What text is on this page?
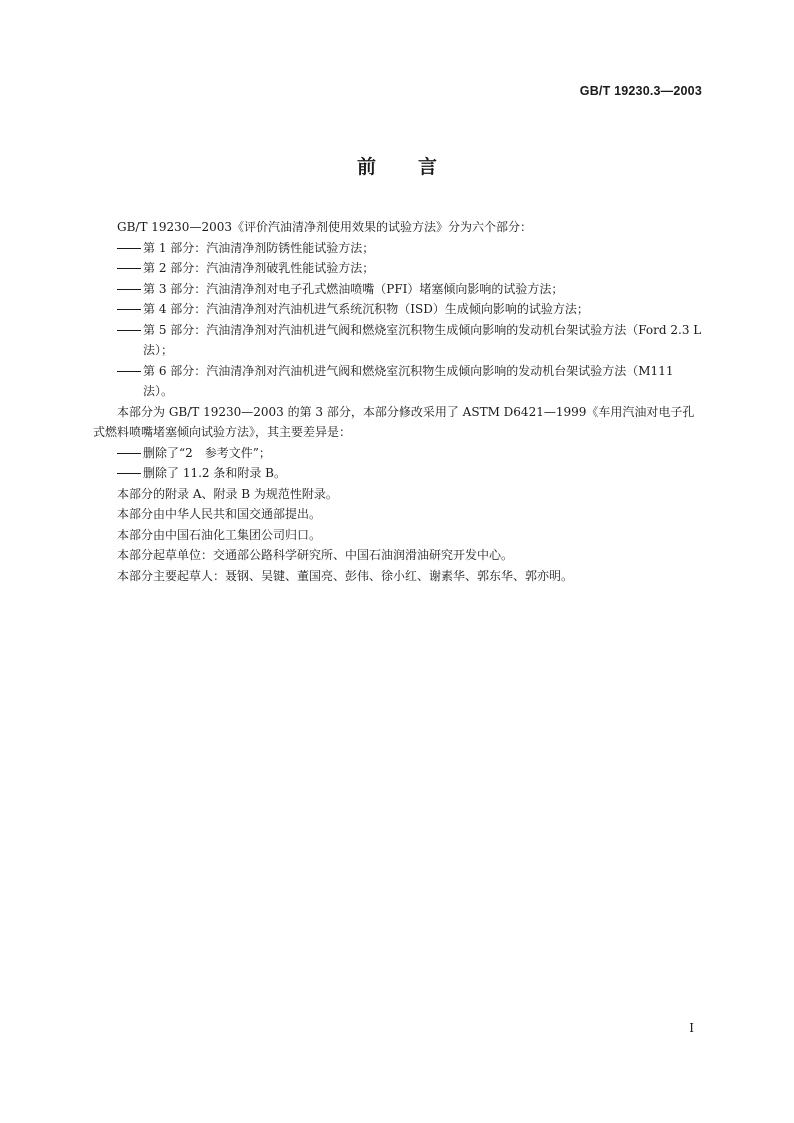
GB/T 19230.3—2003
前 言

GB/T 19230—2003《评价汽油清净剂使用效果的试验方法》分为六个部分：

第 1 部分：汽油清净剂防锈性能试验方法；

第 2 部分：汽油清净剂破乳性能试验方法；

第 3 部分：汽油清净剂对电子孔式燃油喷嘴（PFI）堵塞倾向影响的试验方法；

第 4 部分：汽油清净剂对汽油机进气系统沉积物（ISD）生成倾向影响的试验方法；

第 5 部分：汽油清净剂对汽油机进气阀和燃烧室沉积物生成倾向影响的发动机台架试验方法（Ford 2.3 L 法）；

第 6 部分：汽油清净剂对汽油机进气阀和燃烧室沉积物生成倾向影响的发动机台架试验方法（M111 法）。

本部分为 GB/T 19230—2003 的第 3 部分，本部分修改采用了 ASTM D6421—1999《车用汽油对电子孔式燃料喷嘴堵塞倾向试验方法》，其主要差异是：

删除了“2　参考文件”；

删除了 11.2 条和附录 B。

本部分的附录 A、附录 B 为规范性附录。

本部分由中华人民共和国交通部提出。

本部分由中国石油化工集团公司归口。

本部分起草单位：交通部公路科学研究所、中国石油润滑油研究开发中心。

本部分主要起草人：聂钢、吴键、董国亮、彭伟、徐小红、谢素华、郭东华、郭亦明。

I
